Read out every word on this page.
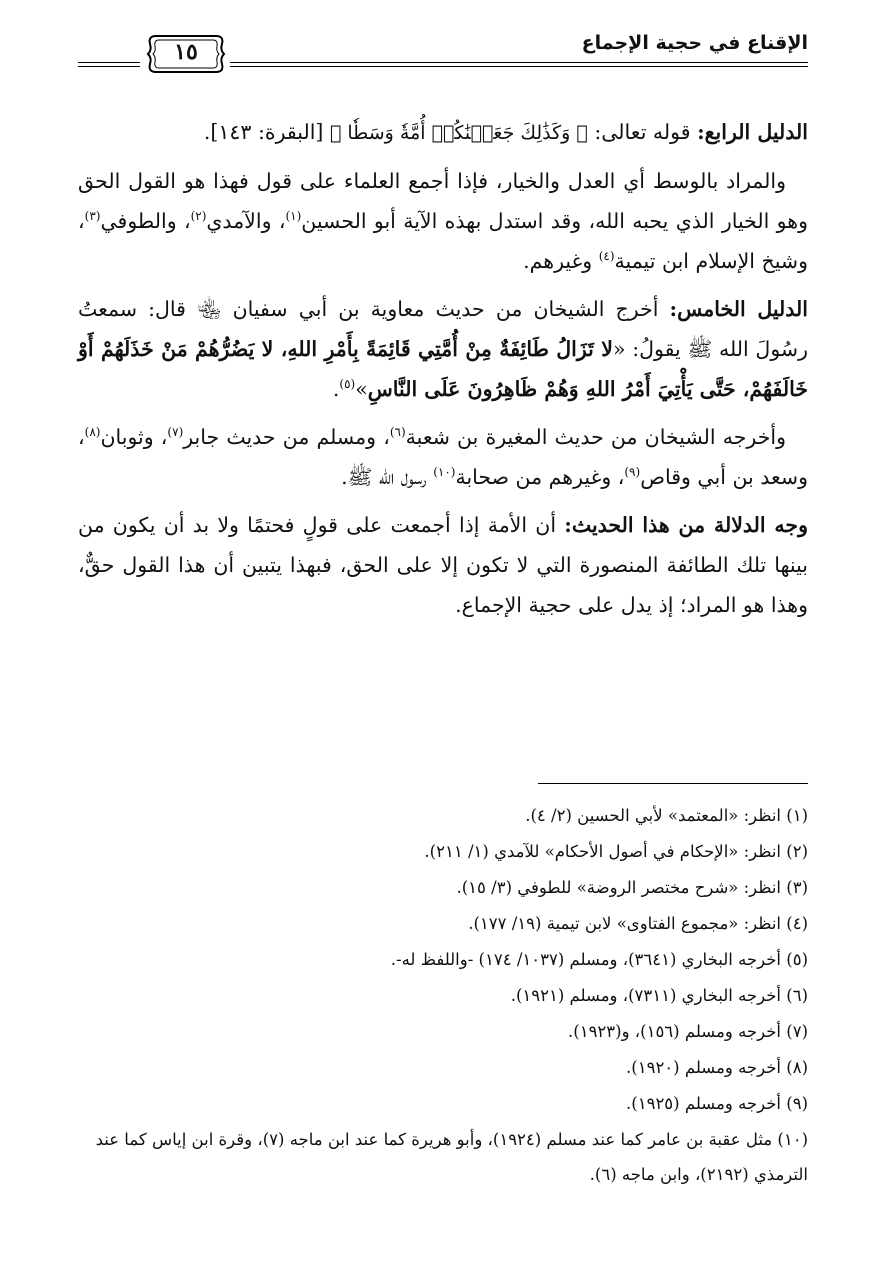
الإقناع في حجية الإجماع
١٥

الدليل الرابع: قوله تعالى: ﴿ وَكَذَٰلِكَ جَعَلۡنَٰكُمۡ أُمَّةٗ وَسَطٗا ﴾ [البقرة: ١٤٣].

والمراد بالوسط أي العدل والخيار، فإذا أجمع العلماء على قول فهذا هو القول الحق وهو الخيار الذي يحبه الله، وقد استدل بهذه الآية أبو الحسين$^{(١)}$، والآمدي$^{(٢)}$، والطوفي$^{(٣)}$، وشيخ الإسلام ابن تيمية$^{(٤)}$ وغيرهم.

الدليل الخامس: أخرج الشيخان من حديث معاوية بن أبي سفيان ﵄ قال: سمعتُ رسُولَ الله ﷺ يقولُ: «لا تَزَالُ طَائِفَةٌ مِنْ أُمَّتِي قَائِمَةً بِأَمْرِ اللهِ، لا يَضُرُّهُمْ مَنْ خَذَلَهُمْ أَوْ خَالَفَهُمْ، حَتَّى يَأْتِيَ أَمْرُ اللهِ وَهُمْ ظَاهِرُونَ عَلَى النَّاسِ»$^{(٥)}$.

وأخرجه الشيخان من حديث المغيرة بن شعبة$^{(٦)}$، ومسلم من حديث جابر$^{(٧)}$، وثوبان$^{(٨)}$، وسعد بن أبي وقاص$^{(٩)}$، وغيرهم من صحابة$^{(١٠)}$ رسول الله ﷺ.

وجه الدلالة من هذا الحديث: أن الأمة إذا أجمعت على قولٍ فحتمًا ولا بد أن يكون من بينها تلك الطائفة المنصورة التي لا تكون إلا على الحق، فبهذا يتبين أن هذا القول حقٌّ، وهذا هو المراد؛ إذ يدل على حجية الإجماع.

(١) انظر: «المعتمد» لأبي الحسين (٢/ ٤).
(٢) انظر: «الإحكام في أصول الأحكام» للآمدي (١/ ٢١١).
(٣) انظر: «شرح مختصر الروضة» للطوفي (٣/ ١٥).
(٤) انظر: «مجموع الفتاوى» لابن تيمية (١٩/ ١٧٧).
(٥) أخرجه البخاري (٣٦٤١)، ومسلم (١٠٣٧/ ١٧٤) -واللفظ له-.
(٦) أخرجه البخاري (٧٣١١)، ومسلم (١٩٢١).
(٧) أخرجه ومسلم (١٥٦)، و(١٩٢٣).
(٨) أخرجه ومسلم (١٩٢٠).
(٩) أخرجه ومسلم (١٩٢٥).
(١٠) مثل عقبة بن عامر كما عند مسلم (١٩٢٤)، وأبو هريرة كما عند ابن ماجه (٧)، وقرة ابن إياس كما عند الترمذي (٢١٩٢)، وابن ماجه (٦).
